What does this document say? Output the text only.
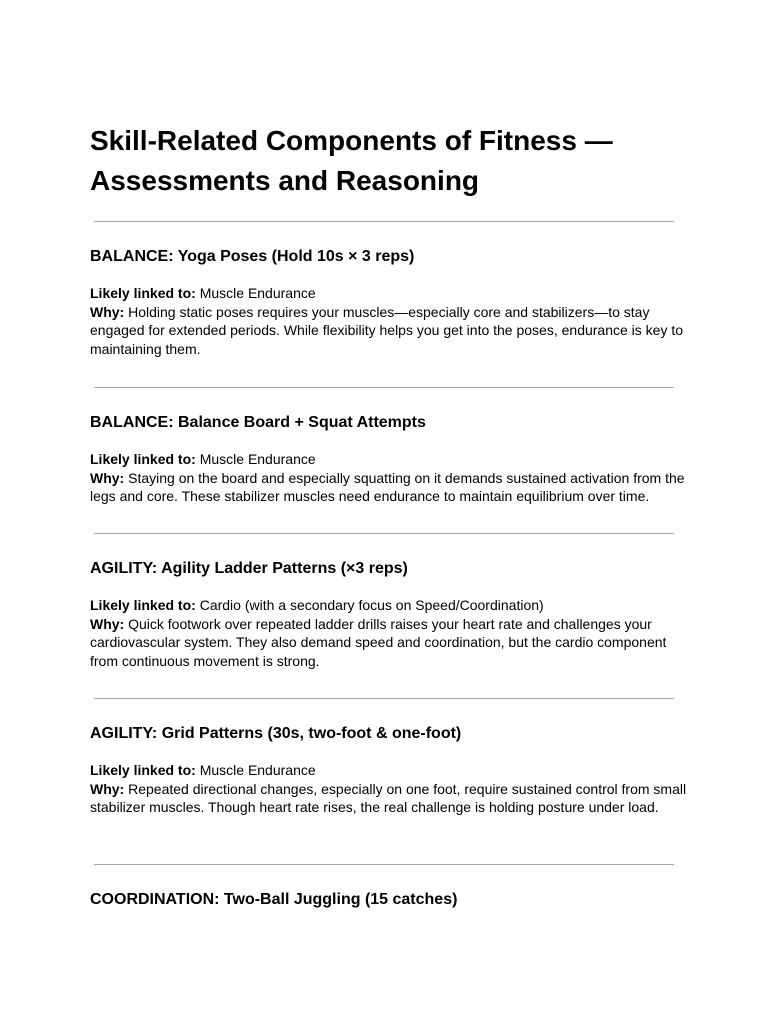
Skill-Related Components of Fitness —
Assessments and Reasoning
BALANCE: Yoga Poses (Hold 10s × 3 reps)

Likely linked to: Muscle Endurance
Why: Holding static poses requires your muscles—especially core and stabilizers—to stay engaged for extended periods. While flexibility helps you get into the poses, endurance is key to maintaining them.

BALANCE: Balance Board + Squat Attempts

Likely linked to: Muscle Endurance
Why: Staying on the board and especially squatting on it demands sustained activation from the legs and core. These stabilizer muscles need endurance to maintain equilibrium over time.

AGILITY: Agility Ladder Patterns (×3 reps)

Likely linked to: Cardio (with a secondary focus on Speed/Coordination)
Why: Quick footwork over repeated ladder drills raises your heart rate and challenges your cardiovascular system. They also demand speed and coordination, but the cardio component from continuous movement is strong.

AGILITY: Grid Patterns (30s, two-foot & one-foot)

Likely linked to: Muscle Endurance
Why: Repeated directional changes, especially on one foot, require sustained control from small stabilizer muscles. Though heart rate rises, the real challenge is holding posture under load.

COORDINATION: Two-Ball Juggling (15 catches)
